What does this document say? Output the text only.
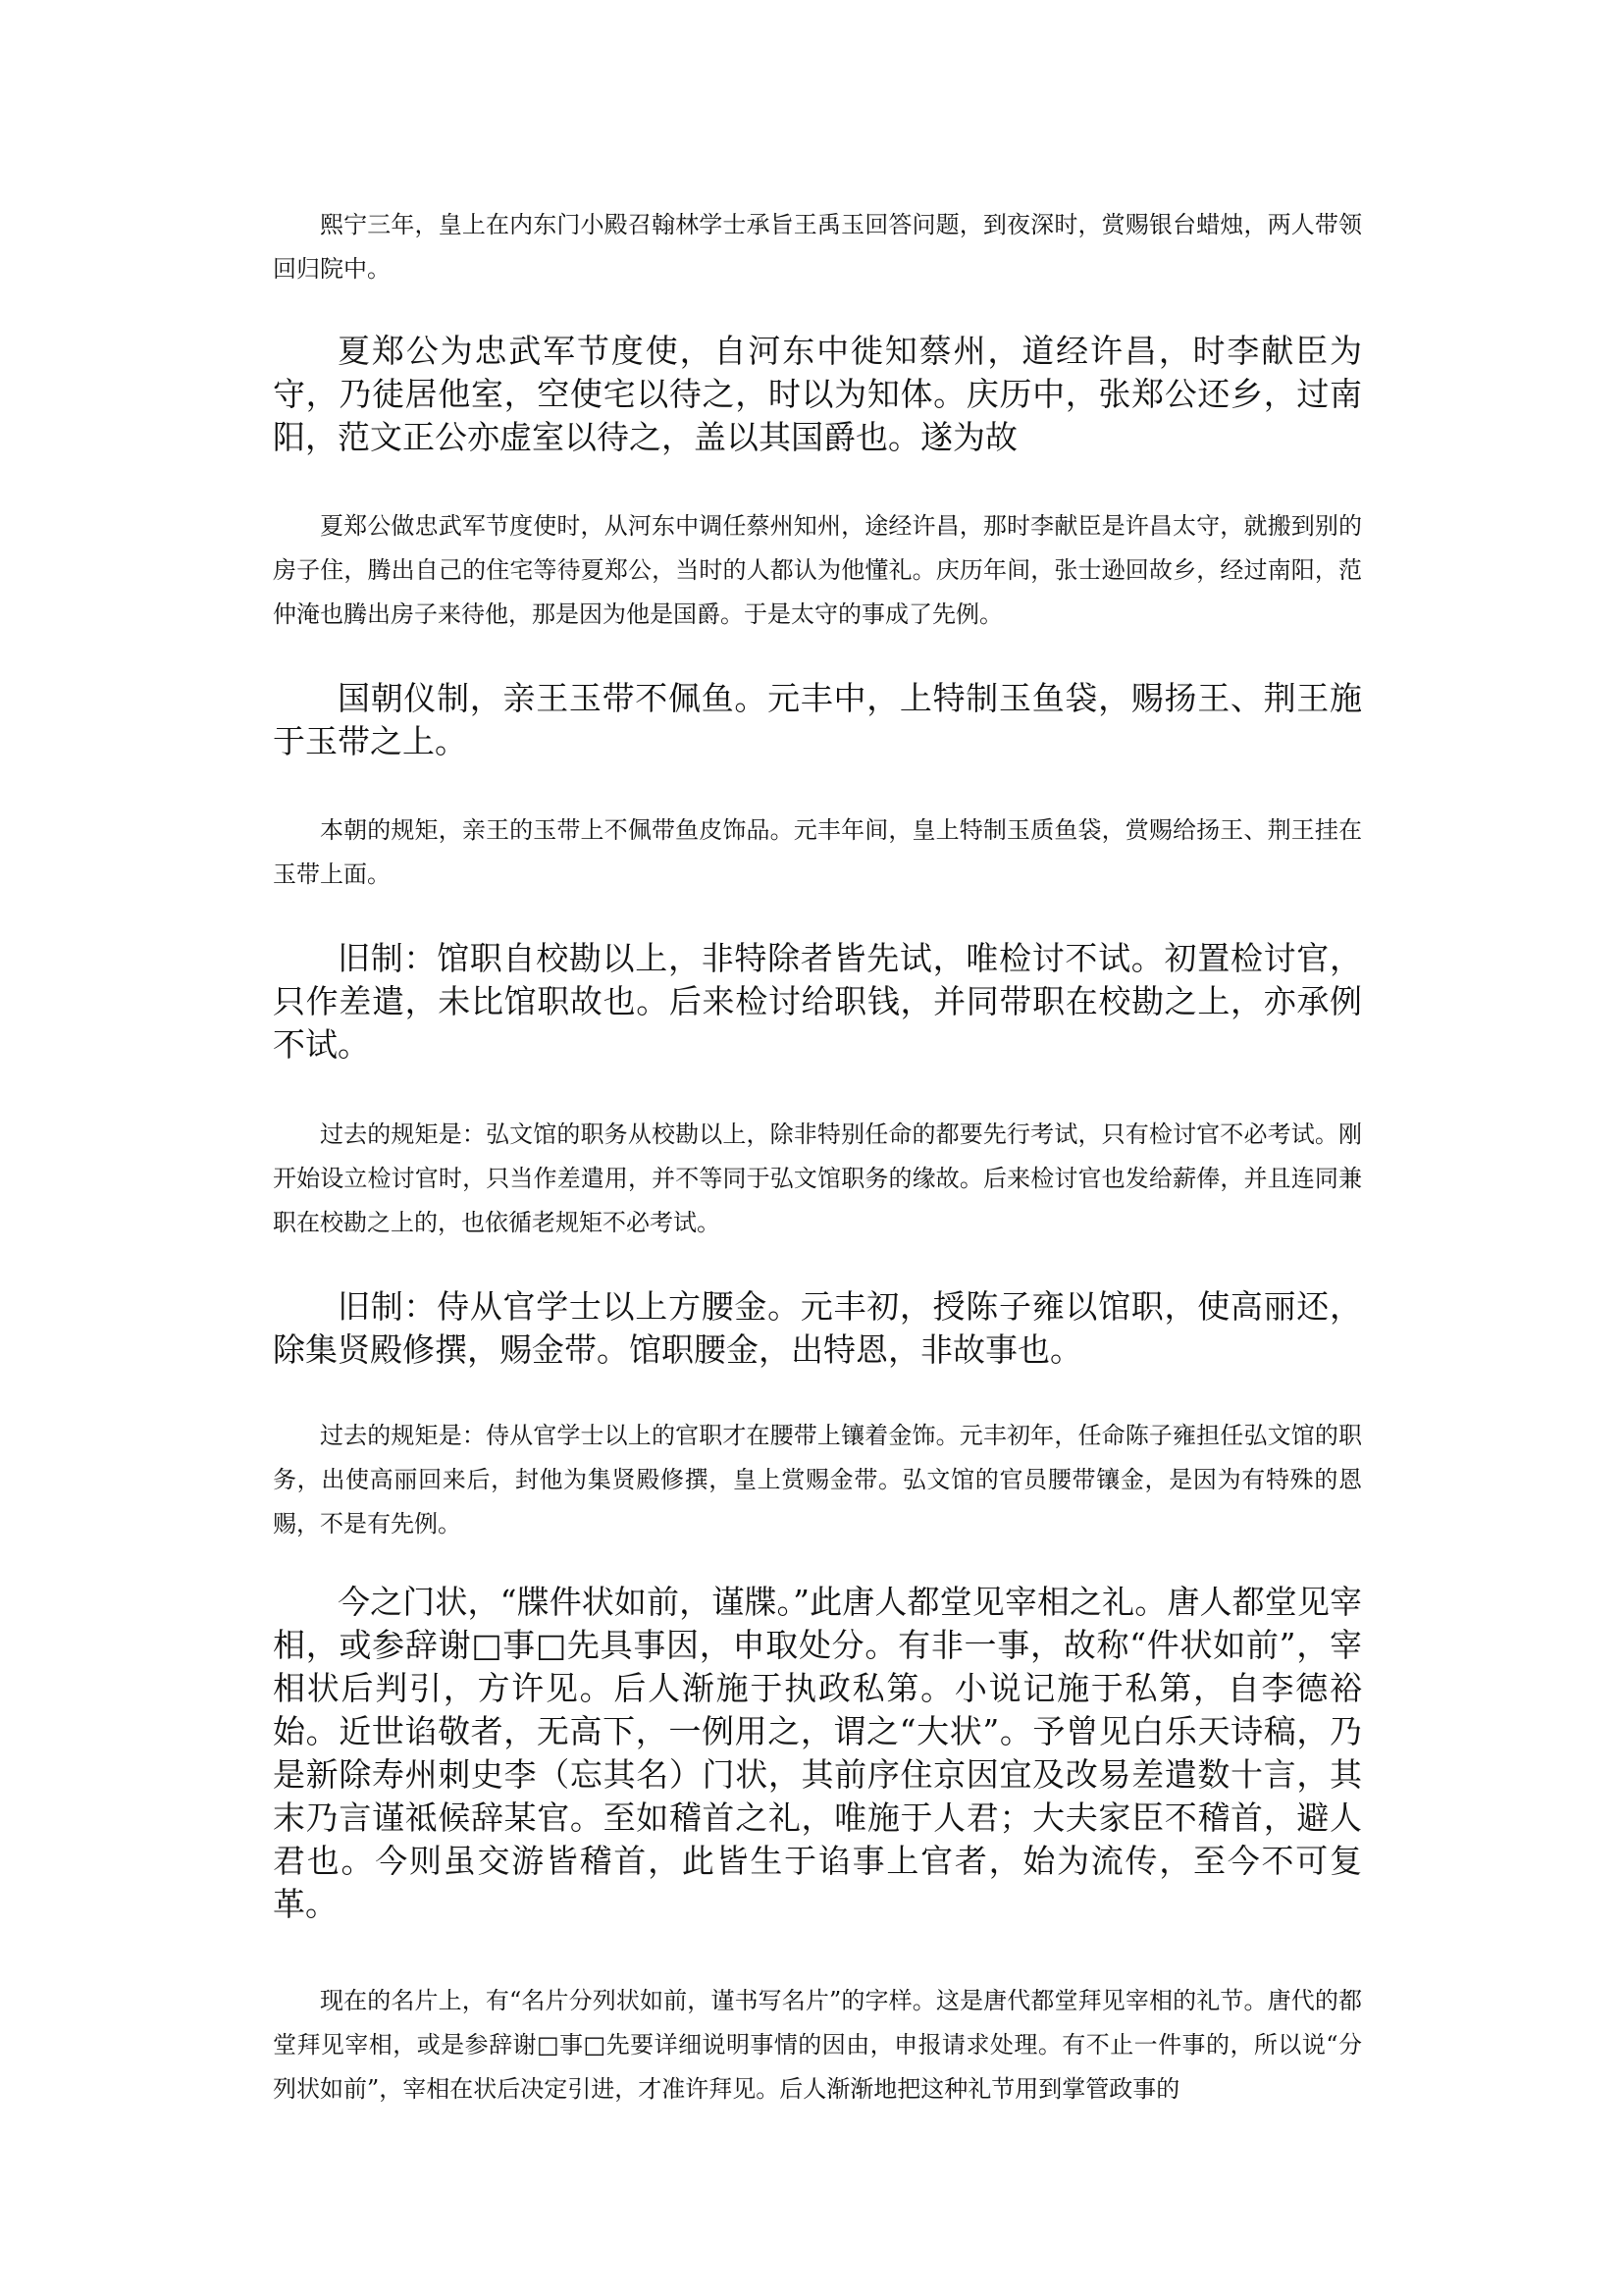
熙宁三年，皇上在内东门小殿召翰林学士承旨王禹玉回答问题，到夜深时，赏赐银台蜡烛，两人带领回归院中。

夏郑公为忠武军节度使，自河东中徙知蔡州，道经许昌，时李献臣为守，乃徒居他室，空使宅以待之，时以为知体。庆历中，张郑公还乡，过南阳，范文正公亦虚室以待之，盖以其国爵也。遂为故

夏郑公做忠武军节度使时，从河东中调任蔡州知州，途经许昌，那时李献臣是许昌太守，就搬到别的房子住，腾出自己的住宅等待夏郑公，当时的人都认为他懂礼。庆历年间，张士逊回故乡，经过南阳，范仲淹也腾出房子来待他，那是因为他是国爵。于是太守的事成了先例。

国朝仪制，亲王玉带不佩鱼。元丰中，上特制玉鱼袋，赐扬王、荆王施于玉带之上。

本朝的规矩，亲王的玉带上不佩带鱼皮饰品。元丰年间，皇上特制玉质鱼袋，赏赐给扬王、荆王挂在玉带上面。

旧制：馆职自校勘以上，非特除者皆先试，唯检讨不试。初置检讨官，只作差遣，未比馆职故也。后来检讨给职钱，并同带职在校勘之上，亦承例不试。

过去的规矩是：弘文馆的职务从校勘以上，除非特别任命的都要先行考试，只有检讨官不必考试。刚开始设立检讨官时，只当作差遣用，并不等同于弘文馆职务的缘故。后来检讨官也发给薪俸，并且连同兼职在校勘之上的，也依循老规矩不必考试。

旧制：侍从官学士以上方腰金。元丰初，授陈子雍以馆职，使高丽还，除集贤殿修撰，赐金带。馆职腰金，出特恩，非故事也。

过去的规矩是：侍从官学士以上的官职才在腰带上镶着金饰。元丰初年，任命陈子雍担任弘文馆的职务，出使高丽回来后，封他为集贤殿修撰，皇上赏赐金带。弘文馆的官员腰带镶金，是因为有特殊的恩赐，不是有先例。

今之门状，“牒件状如前，谨牒。”此唐人都堂见宰相之礼。唐人都堂见宰相，或参辞谢□事□先具事因，申取处分。有非一事，故称“件状如前”，宰相状后判引，方许见。后人渐施于执政私第。小说记施于私第，自李德裕始。近世谄敬者，无高下，一例用之，谓之“大状”。予曾见白乐天诗稿，乃是新除寿州刺史李（忘其名）门状，其前序住京因宜及改易差遣数十言，其末乃言谨祗候辞某官。至如稽首之礼，唯施于人君；大夫家臣不稽首，避人君也。今则虽交游皆稽首，此皆生于谄事上官者，始为流传，至今不可复革。

现在的名片上，有“名片分列状如前，谨书写名片”的字样。这是唐代都堂拜见宰相的礼节。唐代的都堂拜见宰相，或是参辞谢□事□先要详细说明事情的因由，申报请求处理。有不止一件事的，所以说“分列状如前”，宰相在状后决定引进，才准许拜见。后人渐渐地把这种礼节用到掌管政事的
